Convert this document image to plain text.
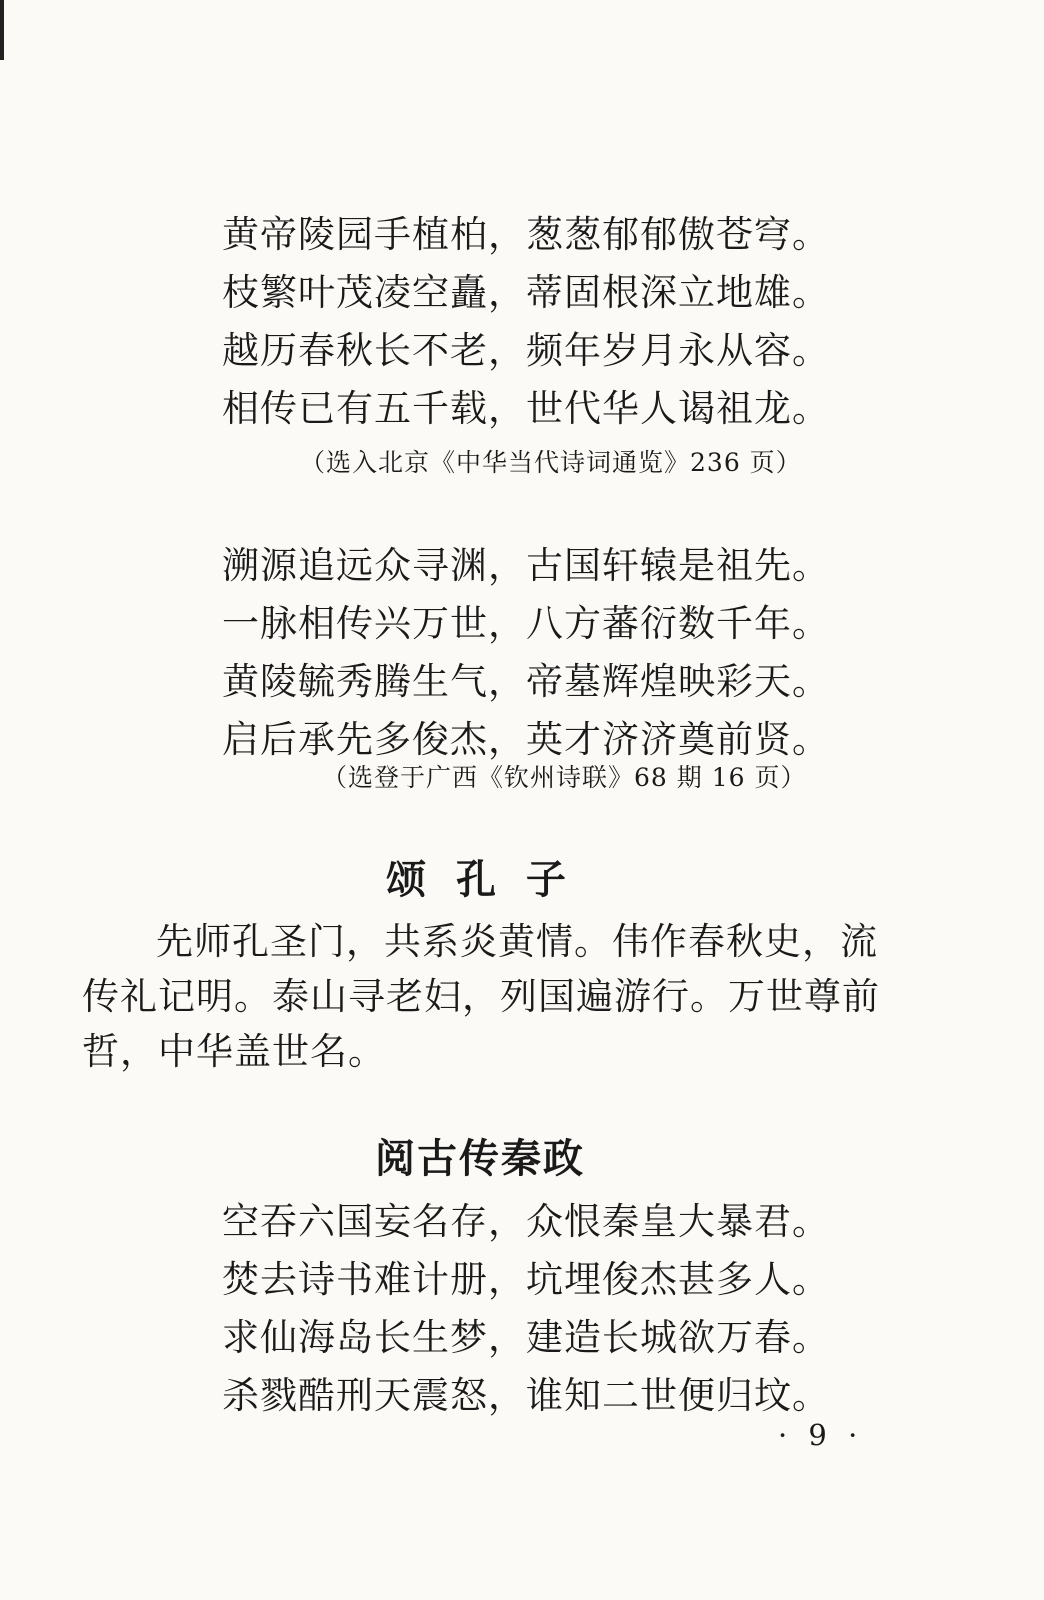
黄帝陵园手植柏，葱葱郁郁傲苍穹。
枝繁叶茂凌空矗，蒂固根深立地雄。
越历春秋长不老，频年岁月永从容。
相传已有五千载，世代华人谒祖龙。
（选入北京《中华当代诗词通览》236 页）
溯源追远众寻渊，古国轩辕是祖先。
一脉相传兴万世，八方蕃衍数千年。
黄陵毓秀腾生气，帝墓辉煌映彩天。
启后承先多俊杰，英才济济奠前贤。
（选登于广西《钦州诗联》68 期 16 页）
颂 孔 子

先师孔圣门，共系炎黄情。伟作春秋史，流传礼记明。泰山寻老妇，列国遍游行。万世尊前哲，中华盖世名。

阅古传秦政
空吞六国妄名存，众恨秦皇大暴君。
焚去诗书难计册，坑埋俊杰甚多人。
求仙海岛长生梦，建造长城欲万春。
杀戮酷刑天震怒，谁知二世便归坟。
· 9 ·
